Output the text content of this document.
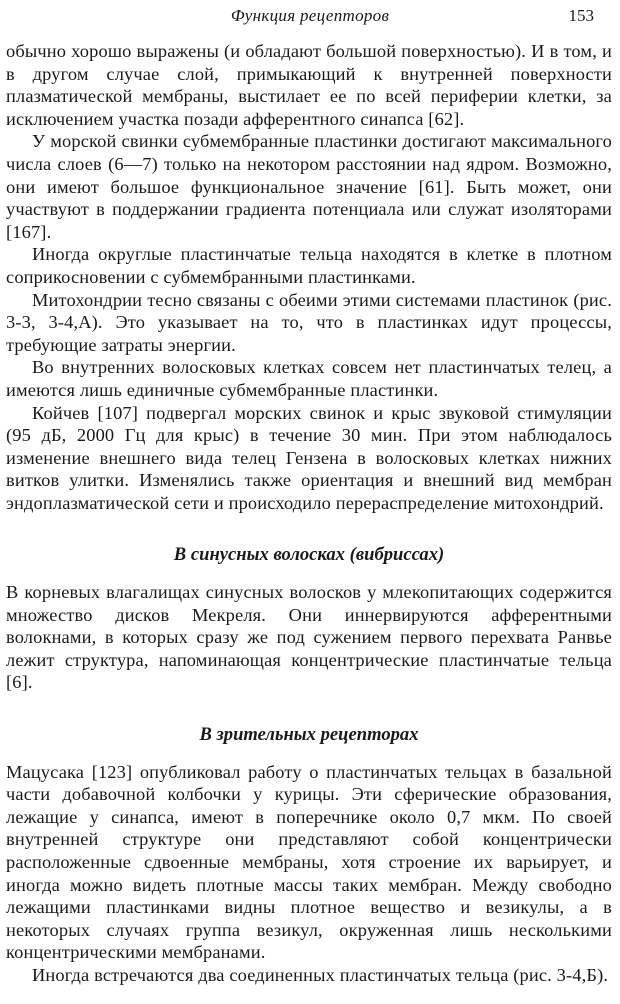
Функция рецепторов	153

обычно хорошо выражены (и обладают большой поверхностью). И в том, и в другом случае слой, примыкающий к внутренней поверхности плазматической мембраны, выстилает ее по всей периферии клетки, за исключением участка позади афферентного синапса [62].

У морской свинки субмембранные пластинки достигают максимального числа слоев (6—7) только на некотором расстоянии над ядром. Возможно, они имеют большое функциональное значение [61]. Быть может, они участвуют в поддержании градиента потенциала или служат изоляторами [167].

Иногда округлые пластинчатые тельца находятся в клетке в плотном соприкосновении с субмембранными пластинками.

Митохондрии тесно связаны с обеими этими системами пластинок (рис. 3-3, 3-4,А). Это указывает на то, что в пластинках идут процессы, требующие затраты энергии.

Во внутренних волосковых клетках совсем нет пластинчатых телец, а имеются лишь единичные субмембранные пластинки.

Койчев [107] подвергал морских свинок и крыс звуковой стимуляции (95 дБ, 2000 Гц для крыс) в течение 30 мин. При этом наблюдалось изменение внешнего вида телец Гензена в волосковых клетках нижних витков улитки. Изменялись также ориентация и внешний вид мембран эндоплазматической сети и происходило перераспределение митохондрий.

В синусных волосках (вибриссах)

В корневых влагалищах синусных волосков у млекопитающих содержится множество дисков Мекреля. Они иннервируются афферентными волокнами, в которых сразу же под сужением первого перехвата Ранвье лежит структура, напоминающая концентрические пластинчатые тельца [6].

В зрительных рецепторах

Мацусака [123] опубликовал работу о пластинчатых тельцах в базальной части добавочной колбочки у курицы. Эти сферические образования, лежащие у синапса, имеют в поперечнике около 0,7 мкм. По своей внутренней структуре они представляют собой концентрически расположенные сдвоенные мембраны, хотя строение их варьирует, и иногда можно видеть плотные массы таких мембран. Между свободно лежащими пластинками видны плотное вещество и везикулы, а в некоторых случаях группа везикул, окруженная лишь несколькими концентрическими мембранами.

Иногда встречаются два соединенных пластинчатых тельца (рис. 3-4,Б).
